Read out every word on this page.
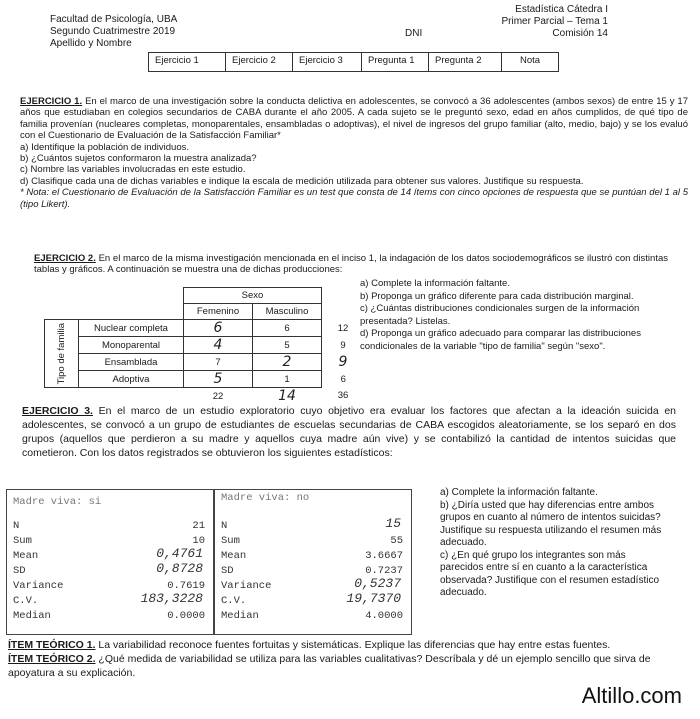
Facultad de Psicología, UBA
Segundo Cuatrimestre 2019
Apellido y Nombre
Estadística Cátedra I
Primer Parcial – Tema 1
Comisión 14
DNI
Ejercicio 1	Ejercicio 2	Ejercicio 3	Pregunta 1	Pregunta 2	Nota
EJERCICIO 1. En el marco de una investigación sobre la conducta delictiva en adolescentes, se convocó a 36 adolescentes (ambos sexos) de entre 15 y 17 años que estudiaban en colegios secundarios de CABA durante el año 2005. A cada sujeto se le preguntó sexo, edad en años cumplidos, de qué tipo de familia provenían (nucleares completas, monoparentales, ensambladas o adoptivas), el nivel de ingresos del grupo familiar (alto, medio, bajo) y se los evaluó con el Cuestionario de Evaluación de la Satisfacción Familiar*
a) Identifique la población de individuos.
b) ¿Cuántos sujetos conformaron la muestra analizada?
c) Nombre las variables involucradas en este estudio.
d) Clasifique cada una de dichas variables e indique la escala de medición utilizada para obtener sus valores. Justifique su respuesta.
* Nota: el Cuestionario de Evaluación de la Satisfacción Familiar es un test que consta de 14 ítems con cinco opciones de respuesta que se puntúan del 1 al 5 (tipo Likert).
EJERCICIO 2. En el marco de la misma investigación mencionada en el inciso 1, la indagación de los datos sociodemográficos se ilustró con distintas tablas y gráficos. A continuación se muestra una de dichas producciones:
		Sexo		
		Femenino	Masculino	

Tipo de familia	Nuclear completa	6	6	12
	Monoparental	4	5	9
	Ensamblada	7	2	9
	Adoptiva	5	1	6
		22	14	36
a) Complete la información faltante.
b) Proponga un gráfico diferente para cada distribución marginal.
c) ¿Cuántas distribuciones condicionales surgen de la información presentada? Listelas.
d) Proponga un gráfico adecuado para comparar las distribuciones condicionales de la variable "tipo de familia" según "sexo".
EJERCICIO 3. En el marco de un estudio exploratorio cuyo objetivo era evaluar los factores que afectan a la ideación suicida en adolescentes, se convocó a un grupo de estudiantes de escuelas secundarias de CABA escogidos aleatoriamente, se los separó en dos grupos (aquellos que perdieron a su madre y aquellos cuya madre aún vive) y se contabilizó la cantidad de intentos suicidas que cometieron. Con los datos registrados se obtuvieron los siguientes estadísticos:
Madre viva: si
N	21
Sum	10
Mean	0,4761
SD	0,8728
Variance	0.7619
C.V.	183,3228
Median	0.0000
Madre viva: no
N	15
Sum	55
Mean	3.6667
SD	0.7237
Variance	0,5237
C.V.	19,7370
Median	4.0000
a) Complete la información faltante.
b) ¿Diría usted que hay diferencias entre ambos grupos en cuanto al número de intentos suicidas? Justifique su respuesta utilizando el resumen más adecuado.
c) ¿En qué grupo los integrantes son más parecidos entre sí en cuanto a la característica observada? Justifique con el resumen estadístico adecuado.
ÍTEM TEÓRICO 1. La variabilidad reconoce fuentes fortuitas y sistemáticas. Explique las diferencias que hay entre estas fuentes.
ÍTEM TEÓRICO 2. ¿Qué medida de variabilidad se utiliza para las variables cualitativas? Descríbala y dé un ejemplo sencillo que sirva de apoyatura a su explicación.
Altillo.com
